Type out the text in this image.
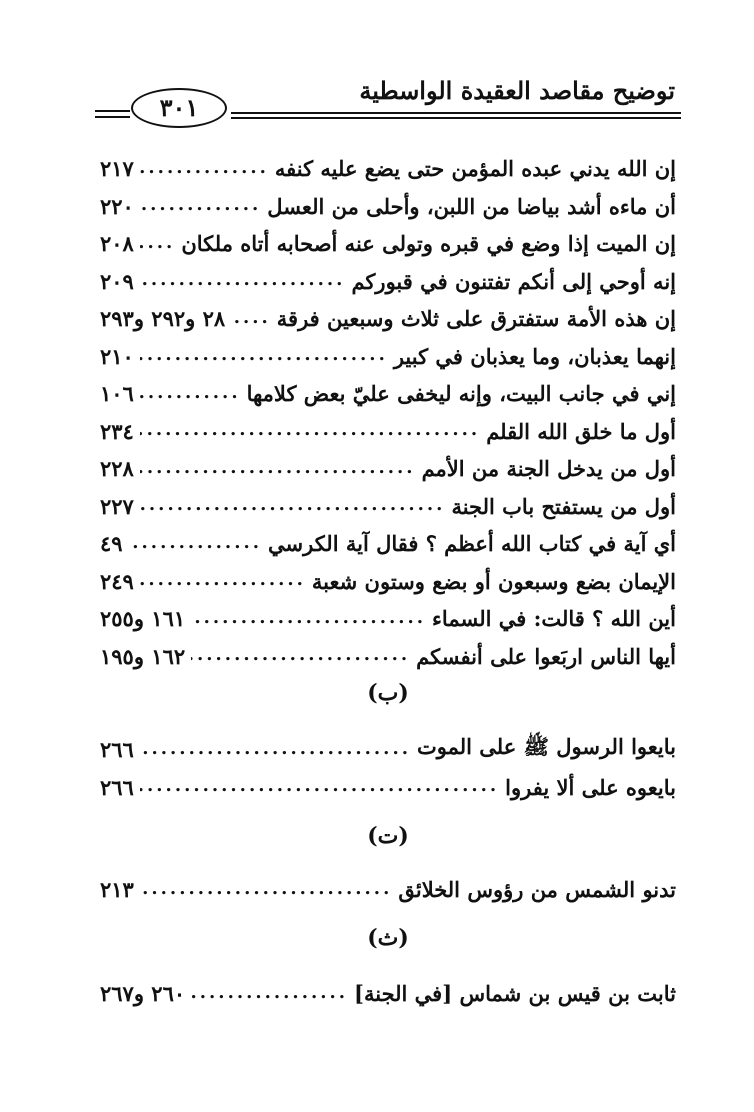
توضيح مقاصد العقيدة الواسطية
٣٠١
إن الله يدني عبده المؤمن حتى يضع عليه كنفه
.....
٢١٧
أن ماءه أشد بياضا من اللبن، وأحلى من العسل
.....
٢٢٠
إن الميت إذا وضع في قبره وتولى عنه أصحابه أتاه ملكان
.....
٢٠٨
إنه أوحي إلى أنكم تفتنون في قبوركم
.....
٢٠٩
إن هذه الأمة ستفترق على ثلاث وسبعين فرقة
.....
٢٨ و٢٩٢ و٢٩٣
إنهما يعذبان، وما يعذبان في كبير
.....
٢١٠
إني في جانب البيت، وإنه ليخفى عليّ بعض كلامها
.....
١٠٦
أول ما خلق الله القلم
.....
٢٣٤
أول من يدخل الجنة من الأمم
.....
٢٢٨
أول من يستفتح باب الجنة
.....
٢٢٧
أي آية في كتاب الله أعظم ؟ فقال آية الكرسي
.....
٤٩
الإيمان بضع وسبعون أو بضع وستون شعبة
.....
٢٤٩
أين الله ؟ قالت: في السماء
.....
١٦١ و٢٥٥
أيها الناس اربَعوا على أنفسكم
.....
١٦٢ و١٩٥
(ب)
بايعوا الرسول ﷺ على الموت
.....
٢٦٦
بايعوه على ألا يفروا
.....
٢٦٦
(ت)
تدنو الشمس من رؤوس الخلائق
.....
٢١٣
(ث)
ثابت بن قيس بن شماس [في الجنة]
.....
٢٦٠ و٢٦٧
